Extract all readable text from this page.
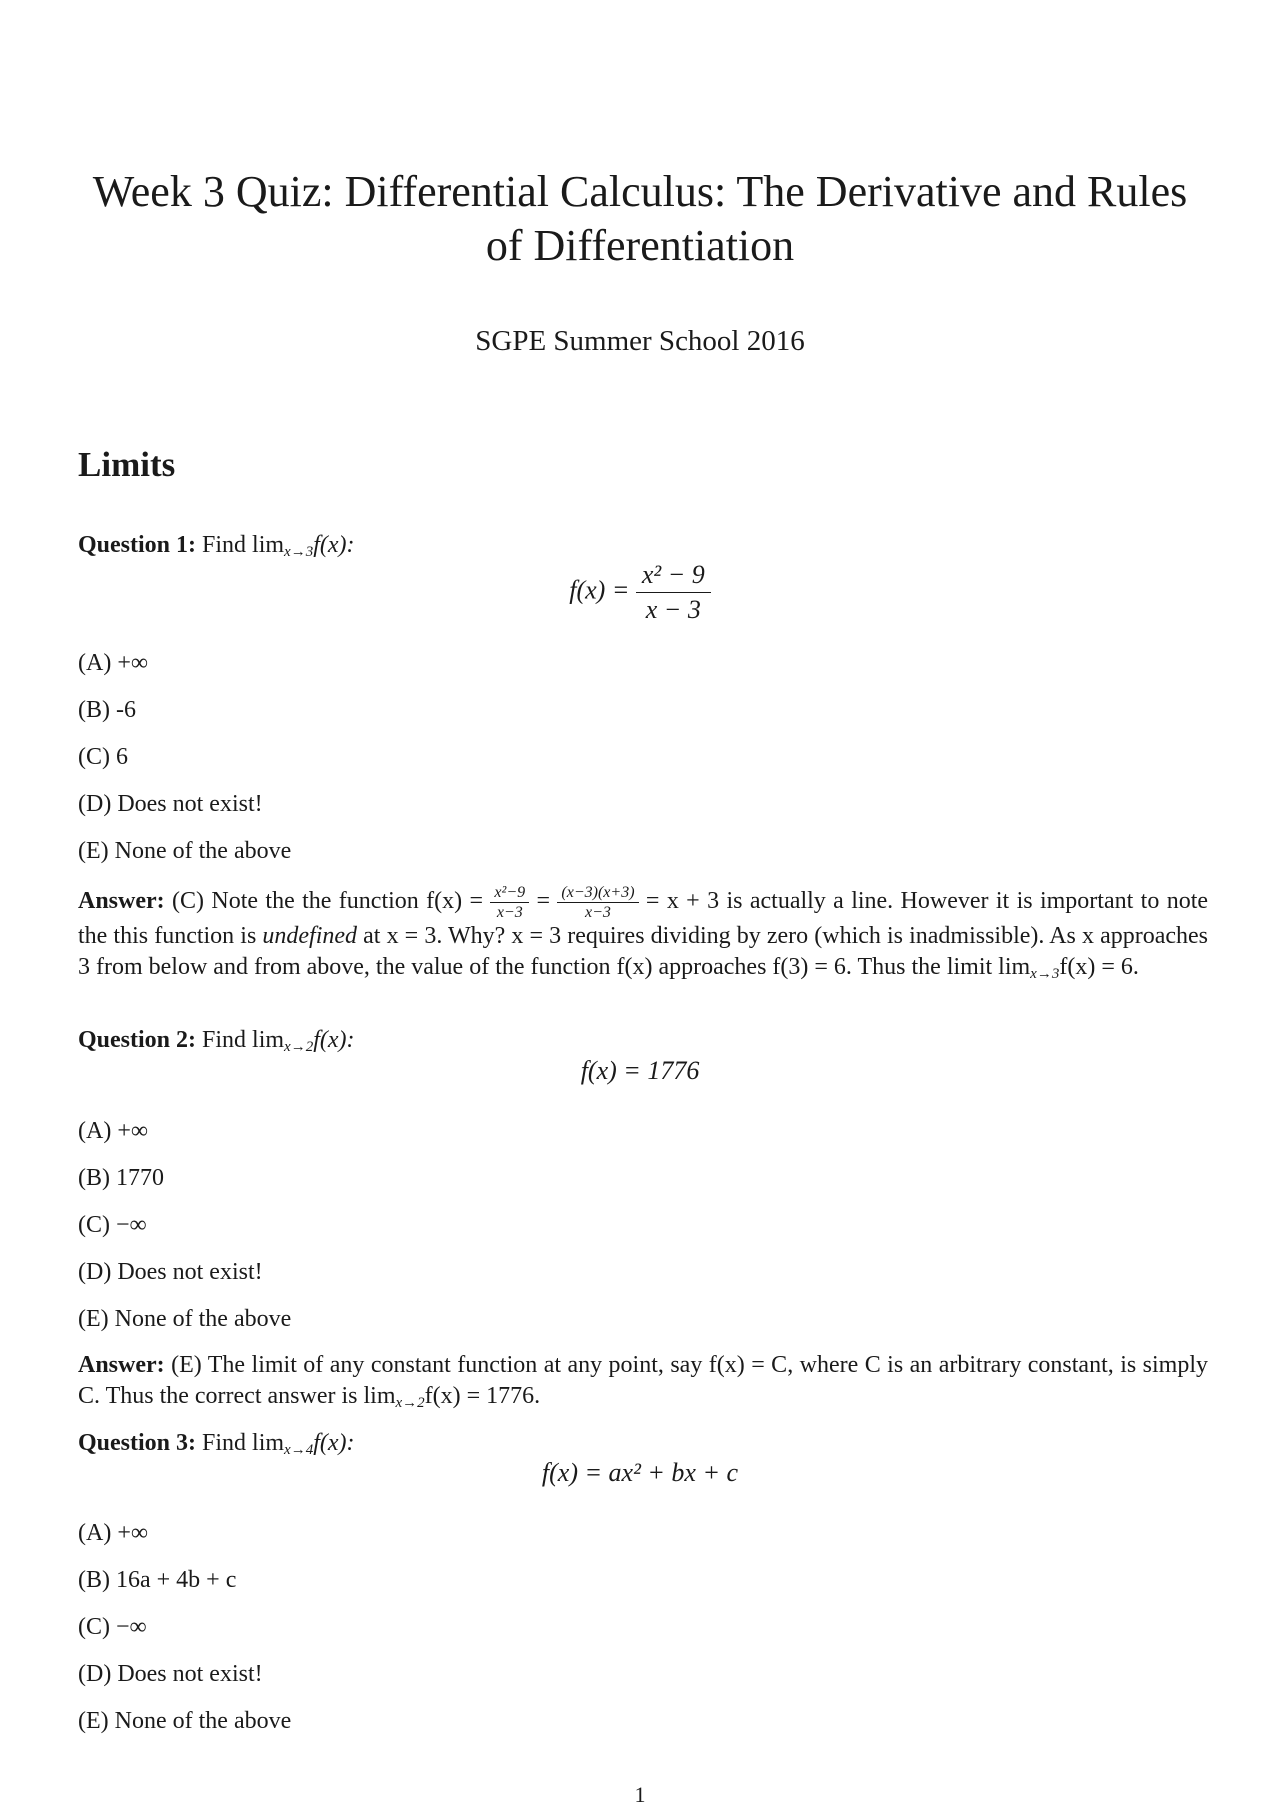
Week 3 Quiz: Differential Calculus: The Derivative and Rules of Differentiation
SGPE Summer School 2016
Limits
Question 1: Find $\lim_{x\to 3}f(x)$:
$f(x) = \frac{\text{x² − 9}}{x - 3}$
(A) +∞
(B) -6
(C) 6
(D) Does not exist!
(E) None of the above
Answer: (C) Note the the function $f(x) = \frac{\text{x²−9}}{x-3} = \frac{(x-3)(x+3)}{x-3} = x + 3$ is actually a line. However it is important to note the this function is undefined at x = 3. Why? x = 3 requires dividing by zero (which is inadmissible). As x approaches 3 from below and from above, the value of the function f(x) approaches f(3) = 6. Thus the limit $\lim_{x\to 3}f(x) = 6$.
Question 2: Find $\lim_{x\to 2}f(x)$:
f(x) = 1776
(A) +∞
(B) 1770
(C) −∞
(D) Does not exist!
(E) None of the above
Answer: (E) The limit of any constant function at any point, say f(x) = C, where C is an arbitrary constant, is simply C. Thus the correct answer is $\lim_{x\to 2}f(x) = 1776$.
Question 3: Find $\lim_{x\to 4}f(x)$:
f(x) = ax² + bx + c
(A) +∞
(B) 16a + 4b + c
(C) −∞
(D) Does not exist!
(E) None of the above
1
